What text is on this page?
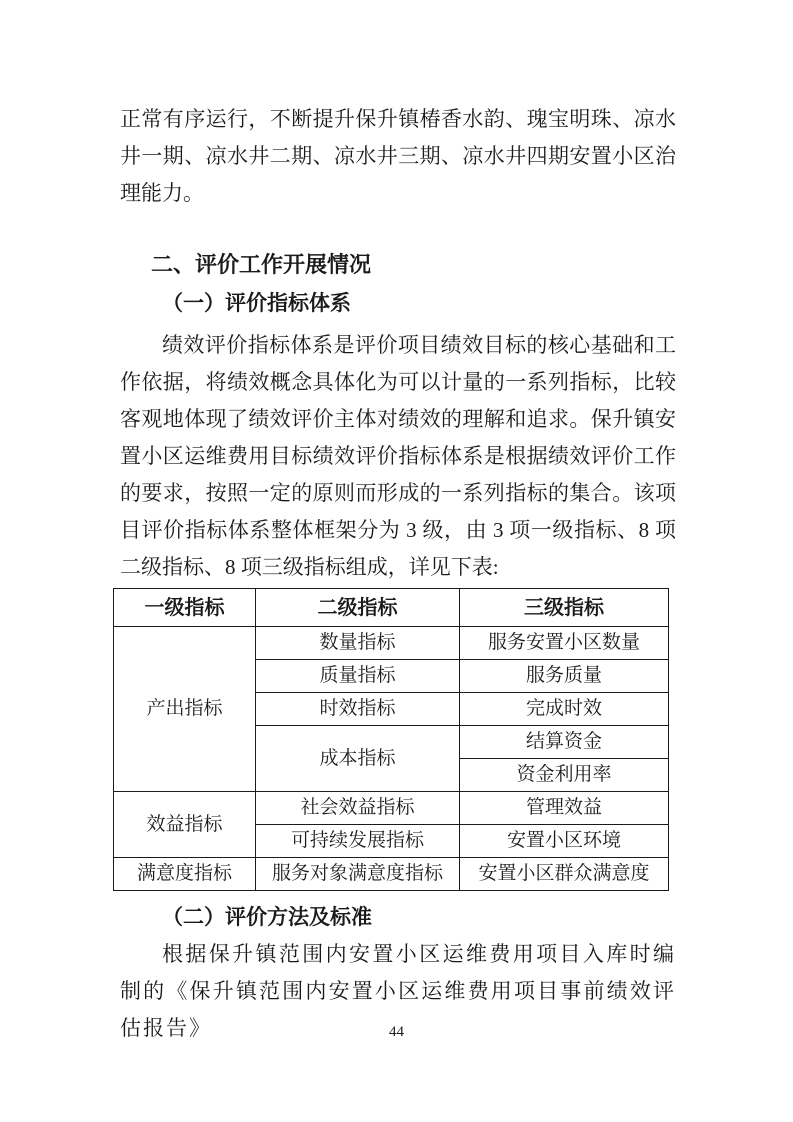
正常有序运行，不断提升保升镇椿香水韵、瑰宝明珠、凉水井一期、凉水井二期、凉水井三期、凉水井四期安置小区治理能力。

二、评价工作开展情况
（一）评价指标体系

绩效评价指标体系是评价项目绩效目标的核心基础和工作依据，将绩效概念具体化为可以计量的一系列指标，比较客观地体现了绩效评价主体对绩效的理解和追求。保升镇安置小区运维费用目标绩效评价指标体系是根据绩效评价工作的要求，按照一定的原则而形成的一系列指标的集合。该项目评价指标体系整体框架分为 3 级，由 3 项一级指标、8 项二级指标、8 项三级指标组成，详见下表:

一级指标	二级指标	三级指标
产出指标	数量指标	服务安置小区数量
	质量指标	服务质量
	时效指标	完成时效
	成本指标	结算资金
		资金利用率
效益指标	社会效益指标	管理效益
	可持续发展指标	安置小区环境
满意度指标	服务对象满意度指标	安置小区群众满意度
（二）评价方法及标准

根据保升镇范围内安置小区运维费用项目入库时编制的《保升镇范围内安置小区运维费用项目事前绩效评估报告》	44
